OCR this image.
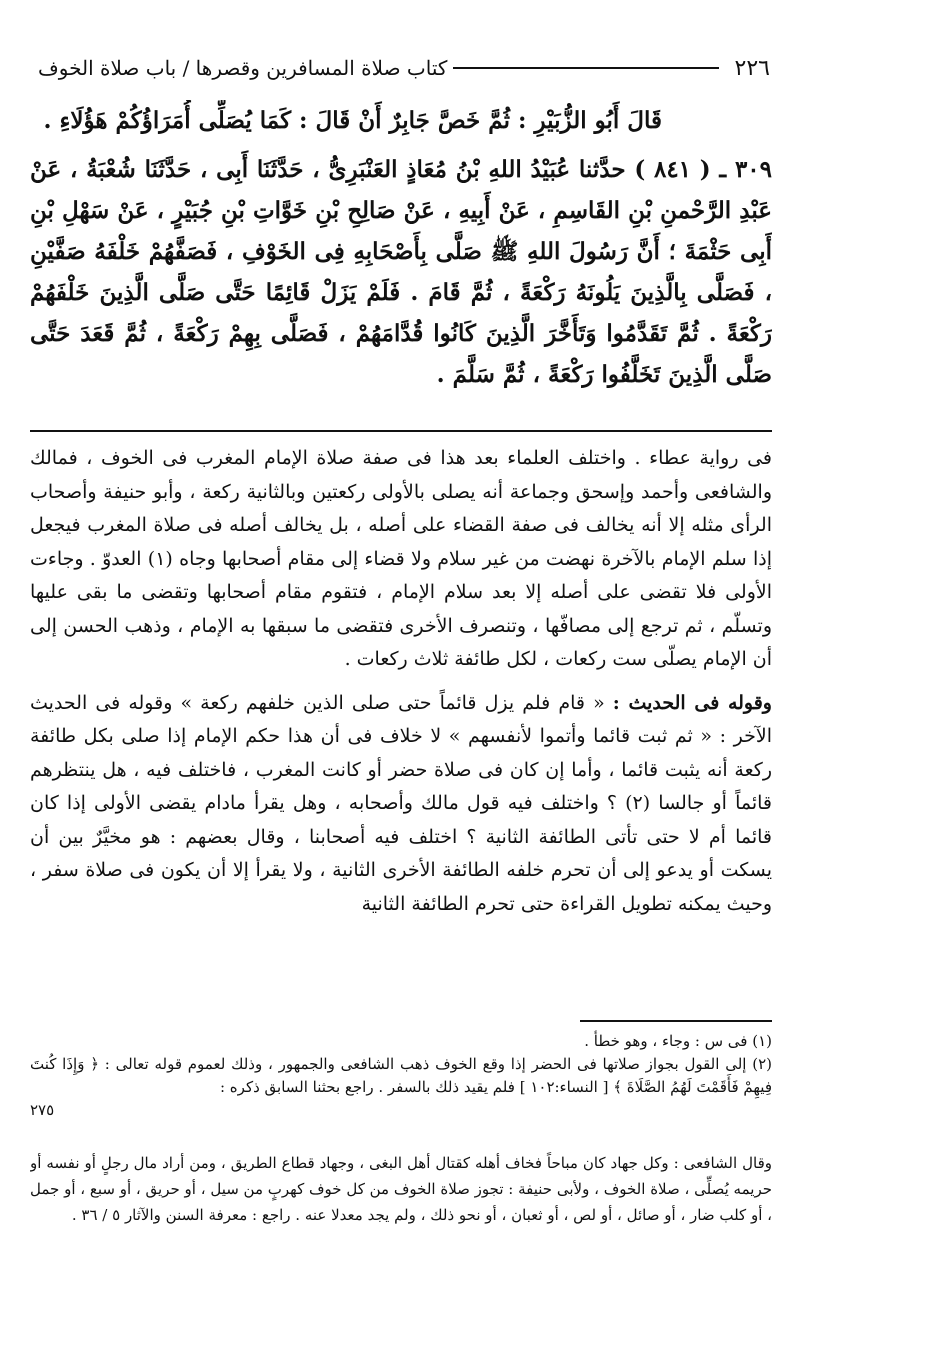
٢٢٦
كتاب صلاة المسافرين وقصرها / باب صلاة الخوف

قَالَ أَبُو الزُّبَيْرِ : ثُمَّ خَصَّ جَابِرٌ أَنْ قَالَ : كَمَا يُصَلِّى أُمَرَاؤُكُمْ هَؤُلَاءِ .

٣٠٩ ـ ( ٨٤١ ) حدَّثنا عُبَيْدُ اللهِ بْنُ مُعَاذٍ العَنْبَرِىُّ ، حَدَّثَنَا أَبِى ، حَدَّثَنَا شُعْبَةُ ، عَنْ عَبْدِ الرَّحْمنِ بْنِ القَاسِمِ ، عَنْ أَبِيهِ ، عَنْ صَالِحِ بْنِ خَوَّاتِ بْنِ جُبَيْرٍ ، عَنْ سَهْلِ بْنِ أَبِى حَثْمَةَ ؛ أَنَّ رَسُولَ اللهِ ﷺ صَلَّى بِأَصْحَابِهِ فِى الخَوْفِ ، فَصَفَّهُمْ خَلْفَهُ صَفَّيْنِ ، فَصَلَّى بِالَّذِينَ يَلُونَهُ رَكْعَةً ، ثُمَّ قَامَ . فَلَمْ يَزَلْ قَائِمًا حَتَّى صَلَّى الَّذِينَ خَلْفَهُمْ رَكْعَةً . ثُمَّ تَقَدَّمُوا وَتَأَخَّرَ الَّذِينَ كَانُوا قُدَّامَهُمْ ، فَصَلَّى بِهِمْ رَكْعَةً ، ثُمَّ قَعَدَ حَتَّى صَلَّى الَّذِينَ تَخَلَّفُوا رَكْعَةً ، ثُمَّ سَلَّمَ .

فى رواية عطاء . واختلف العلماء بعد هذا فى صفة صلاة الإمام المغرب فى الخوف ، فمالك والشافعى وأحمد وإسحق وجماعة أنه يصلى بالأولى ركعتين وبالثانية ركعة ، وأبو حنيفة وأصحاب الرأى مثله إلا أنه يخالف فى صفة القضاء على أصله ، بل يخالف أصله فى صلاة المغرب فيجعل إذا سلم الإمام بالآخرة نهضت من غير سلام ولا قضاء إلى مقام أصحابها وجاه (١) العدوّ . وجاءت الأولى فلا تقضى على أصله إلا بعد سلام الإمام ، فتقوم مقام أصحابها وتقضى ما بقى عليها وتسلّم ، ثم ترجع إلى مصافّها ، وتنصرف الأخرى فتقضى ما سبقها به الإمام ، وذهب الحسن إلى أن الإمام يصلّى ست ركعات ، لكل طائفة ثلاث ركعات .

وقوله فى الحديث : « قام فلم يزل قائماً حتى صلى الذين خلفهم ركعة » وقوله فى الحديث الآخر : « ثم ثبت قائما وأتموا لأنفسهم » لا خلاف فى أن هذا حكم الإمام إذا صلى بكل طائفة ركعة أنه يثبت قائما ، وأما إن كان فى صلاة حضر أو كانت المغرب ، فاختلف فيه ، هل ينتظرهم قائماً أو جالسا (٢) ؟ واختلف فيه قول مالك وأصحابه ، وهل يقرأ مادام يقضى الأولى إذا كان قائما أم لا حتى تأتى الطائفة الثانية ؟ اختلف فيه أصحابنا ، وقال بعضهم : هو مخيَّرٌ بين أن يسكت أو يدعو إلى أن تحرم خلفه الطائفة الأخرى الثانية ، ولا يقرأ إلا أن يكون فى صلاة سفر ، وحيث يمكنه تطويل القراءة حتى تحرم الطائفة الثانية

(١) فى س : وجاء ، وهو خطأ .

(٢) إلى القول بجواز صلاتها فى الحضر إذا وقع الخوف ذهب الشافعى والجمهور ، وذلك لعموم قوله تعالى : ﴿ وَإِذَا كُنتَ فِيهِمْ فَأَقَمْتَ لَهُمُ الصَّلَاةَ ﴾ [ النساء:١٠٢ ] فلم يقيد ذلك بالسفر . راجع بحثنا السابق ذكره :

٢٧٥

وقال الشافعى : وكل جهاد كان مباحاً فخاف أهله كقتال أهل البغى ، وجهاد قطاع الطريق ، ومن أراد مال رجلٍ أو نفسه أو حريمه يُصلِّى ، صلاة الخوف ، ولأبى حنيفة : تجوز صلاة الخوف من كل خوف كهربٍ من سيل ، أو حريق ، أو سبع ، أو جمل ، أو كلب ضار ، أو صائل ، أو لص ، أو ثعبان ، أو نحو ذلك ، ولم يجد معدلا عنه . راجع : معرفة السنن والآثار ٥ / ٣٦ .
